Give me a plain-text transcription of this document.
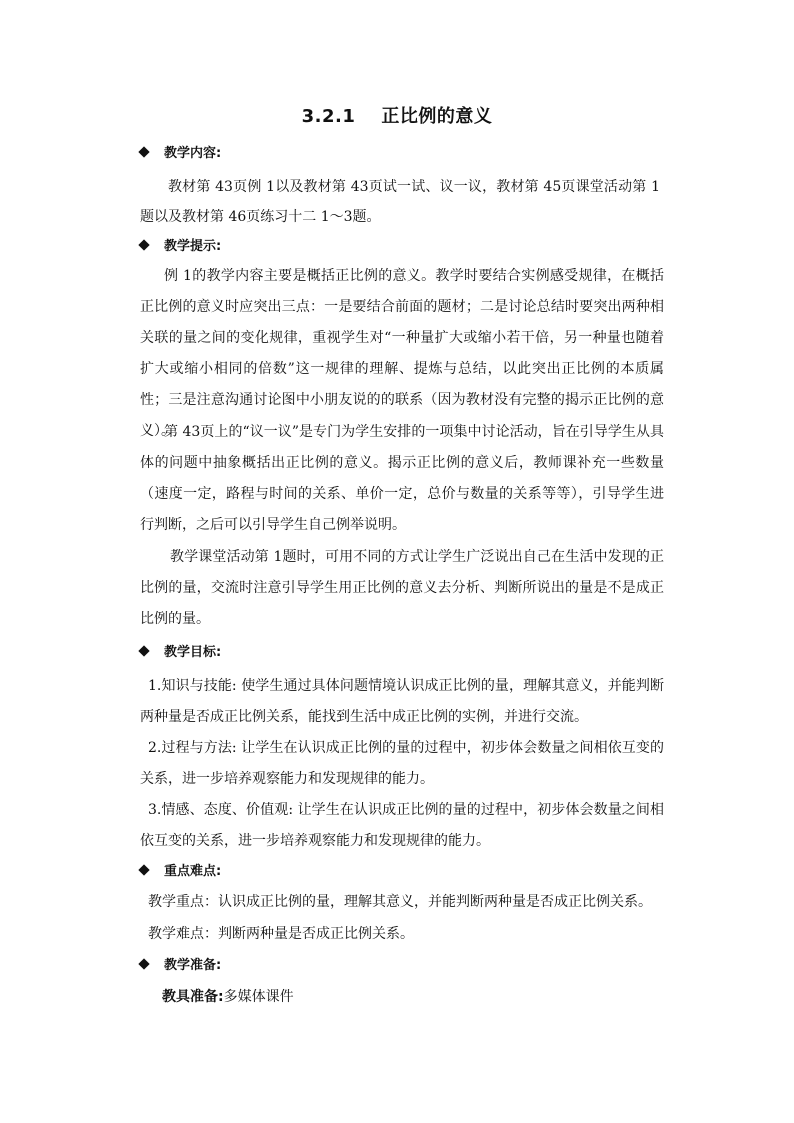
3.2.1 正比例的意义
教学内容:
教材第 43页例 1以及教材第 43页试一试、议一议，教材第 45页课堂活动第 1题以及教材第 46页练习十二 1～3题。
教学提示:
例 1的教学内容主要是概括正比例的意义。教学时要结合实例感受规律，在概括正比例的意义时应突出三点：一是要结合前面的题材；二是讨论总结时要突出两种相关联的量之间的变化规律，重视学生对“一种量扩大或缩小若干倍，另一种量也随着扩大或缩小相同的倍数”这一规律的理解、提炼与总结，以此突出正比例的本质属性；三是注意沟通讨论图中小朋友说的的联系（因为教材没有完整的揭示正比例的意义）。
第 43页上的“议一议”是专门为学生安排的一项集中讨论活动，旨在引导学生从具体的问题中抽象概括出正比例的意义。揭示正比例的意义后，教师课补充一些数量（速度一定，路程与时间的关系、单价一定，总价与数量的关系等等），引导学生进行判断，之后可以引导学生自己例举说明。
教学课堂活动第 1题时，可用不同的方式让学生广泛说出自己在生活中发现的正比例的量，交流时注意引导学生用正比例的意义去分析、判断所说出的量是不是成正比例的量。
教学目标:
1.知识与技能: 使学生通过具体问题情境认识成正比例的量，理解其意义，并能判断两种量是否成正比例关系，能找到生活中成正比例的实例，并进行交流。
2.过程与方法: 让学生在认识成正比例的量的过程中，初步体会数量之间相依互变的关系，进一步培养观察能力和发现规律的能力。
3.情感、态度、价值观: 让学生在认识成正比例的量的过程中，初步体会数量之间相依互变的关系，进一步培养观察能力和发现规律的能力。
重点难点:
教学重点：认识成正比例的量，理解其意义，并能判断两种量是否成正比例关系。
教学难点：判断两种量是否成正比例关系。
教学准备:
教具准备:多媒体课件
